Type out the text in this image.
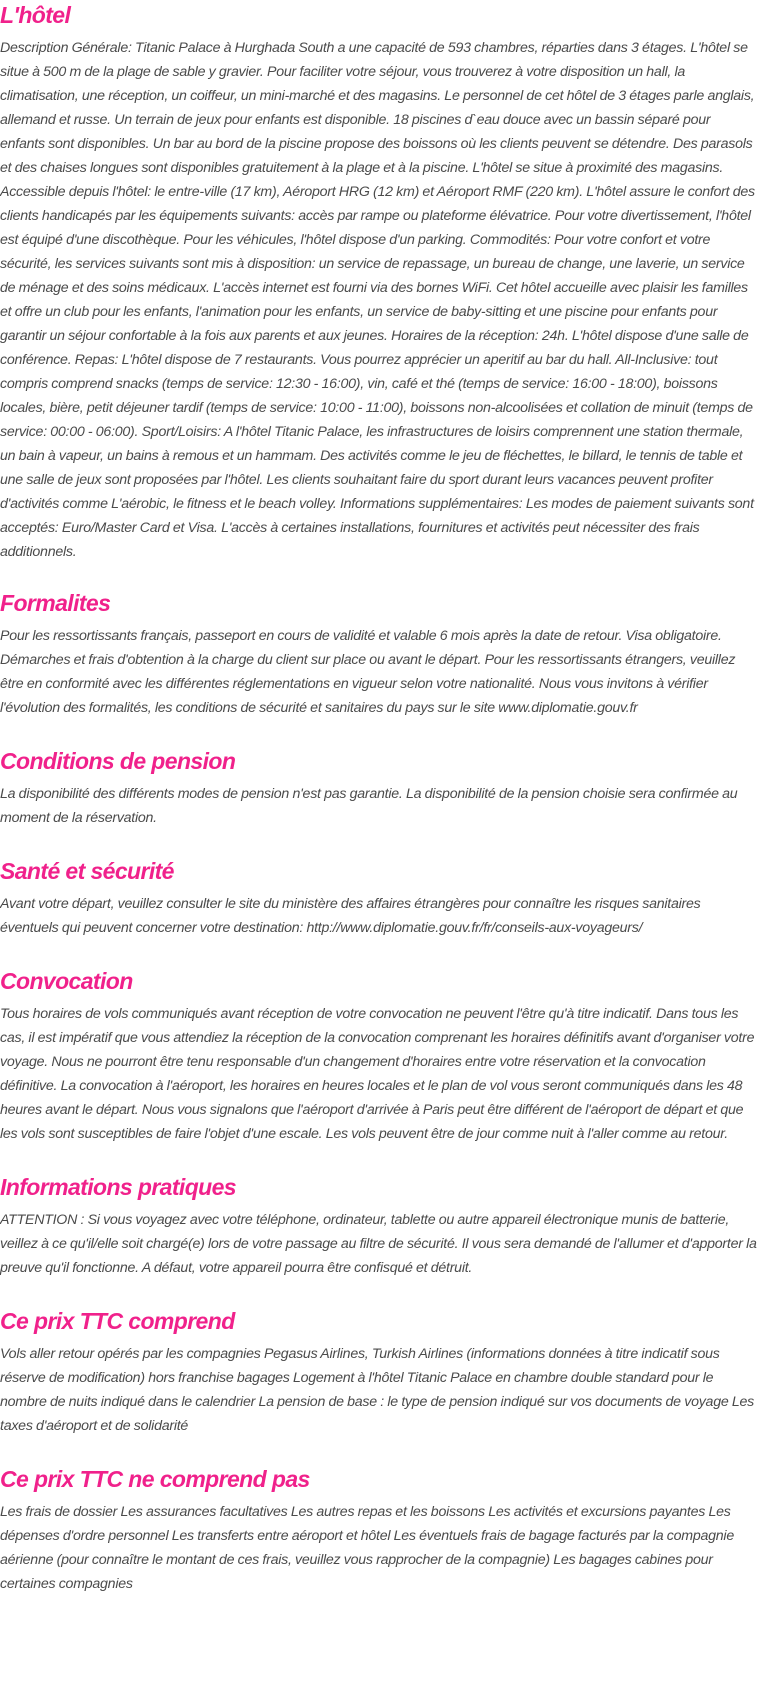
L'hôtel

Description Générale: Titanic Palace à Hurghada South a une capacité de 593 chambres, réparties dans 3 étages. L'hôtel se situe à 500 m de la plage de sable y gravier. Pour faciliter votre séjour, vous trouverez à votre disposition un hall, la climatisation, une réception, un coiffeur, un mini-marché et des magasins. Le personnel de cet hôtel de 3 étages parle anglais, allemand et russe. Un terrain de jeux pour enfants est disponible. 18 piscines d`eau douce avec un bassin séparé pour enfants sont disponibles. Un bar au bord de la piscine propose des boissons où les clients peuvent se détendre. Des parasols et des chaises longues sont disponibles gratuitement à la plage et à la piscine. L'hôtel se situe à proximité des magasins. Accessible depuis l'hôtel: le entre-ville (17 km), Aéroport HRG (12 km) et Aéroport RMF (220 km). L'hôtel assure le confort des clients handicapés par les équipements suivants: accès par rampe ou plateforme élévatrice. Pour votre divertissement, l'hôtel est équipé d'une discothèque. Pour les véhicules, l'hôtel dispose d'un parking. Commodités: Pour votre confort et votre sécurité, les services suivants sont mis à disposition: un service de repassage, un bureau de change, une laverie, un service de ménage et des soins médicaux. L'accès internet est fourni via des bornes WiFi. Cet hôtel accueille avec plaisir les familles et offre un club pour les enfants, l'animation pour les enfants, un service de baby-sitting et une piscine pour enfants pour garantir un séjour confortable à la fois aux parents et aux jeunes. Horaires de la réception: 24h. L'hôtel dispose d'une salle de conférence. Repas: L'hôtel dispose de 7 restaurants. Vous pourrez apprécier un aperitif au bar du hall. All-Inclusive: tout compris comprend snacks (temps de service: 12:30 - 16:00), vin, café et thé (temps de service: 16:00 - 18:00), boissons locales, bière, petit déjeuner tardif (temps de service: 10:00 - 11:00), boissons non-alcoolisées et collation de minuit (temps de service: 00:00 - 06:00). Sport/Loisirs: A l'hôtel Titanic Palace, les infrastructures de loisirs comprennent une station thermale, un bain à vapeur, un bains à remous et un hammam. Des activités comme le jeu de fléchettes, le billard, le tennis de table et une salle de jeux sont proposées par l'hôtel. Les clients souhaitant faire du sport durant leurs vacances peuvent profiter d'activités comme L'aérobic, le fitness et le beach volley. Informations supplémentaires: Les modes de paiement suivants sont acceptés: Euro/Master Card et Visa. L'accès à certaines installations, fournitures et activités peut nécessiter des frais additionnels.

Formalites

Pour les ressortissants français, passeport en cours de validité et valable 6 mois après la date de retour. Visa obligatoire. Démarches et frais d'obtention à la charge du client sur place ou avant le départ. Pour les ressortissants étrangers, veuillez être en conformité avec les différentes réglementations en vigueur selon votre nationalité. Nous vous invitons à vérifier l'évolution des formalités, les conditions de sécurité et sanitaires du pays sur le site www.diplomatie.gouv.fr

Conditions de pension

La disponibilité des différents modes de pension n'est pas garantie. La disponibilité de la pension choisie sera confirmée au moment de la réservation.

Santé et sécurité

Avant votre départ, veuillez consulter le site du ministère des affaires étrangères pour connaître les risques sanitaires éventuels qui peuvent concerner votre destination: http://www.diplomatie.gouv.fr/fr/conseils-aux-voyageurs/

Convocation

Tous horaires de vols communiqués avant réception de votre convocation ne peuvent l'être qu'à titre indicatif. Dans tous les cas, il est impératif que vous attendiez la réception de la convocation comprenant les horaires définitifs avant d'organiser votre voyage. Nous ne pourront être tenu responsable d'un changement d'horaires entre votre réservation et la convocation définitive. La convocation à l'aéroport, les horaires en heures locales et le plan de vol vous seront communiqués dans les 48 heures avant le départ. Nous vous signalons que l'aéroport d'arrivée à Paris peut être différent de l'aéroport de départ et que les vols sont susceptibles de faire l'objet d'une escale. Les vols peuvent être de jour comme nuit à l'aller comme au retour.

Informations pratiques

ATTENTION : Si vous voyagez avec votre téléphone, ordinateur, tablette ou autre appareil électronique munis de batterie, veillez à ce qu'il/elle soit chargé(e) lors de votre passage au filtre de sécurité. Il vous sera demandé de l'allumer et d'apporter la preuve qu'il fonctionne. A défaut, votre appareil pourra être confisqué et détruit.

Ce prix TTC comprend

Vols aller retour opérés par les compagnies Pegasus Airlines, Turkish Airlines (informations données à titre indicatif sous réserve de modification) hors franchise bagages Logement à l'hôtel Titanic Palace en chambre double standard pour le nombre de nuits indiqué dans le calendrier La pension de base : le type de pension indiqué sur vos documents de voyage Les taxes d'aéroport et de solidarité

Ce prix TTC ne comprend pas

Les frais de dossier Les assurances facultatives Les autres repas et les boissons Les activités et excursions payantes Les dépenses d'ordre personnel Les transferts entre aéroport et hôtel Les éventuels frais de bagage facturés par la compagnie aérienne (pour connaître le montant de ces frais, veuillez vous rapprocher de la compagnie) Les bagages cabines pour certaines compagnies
